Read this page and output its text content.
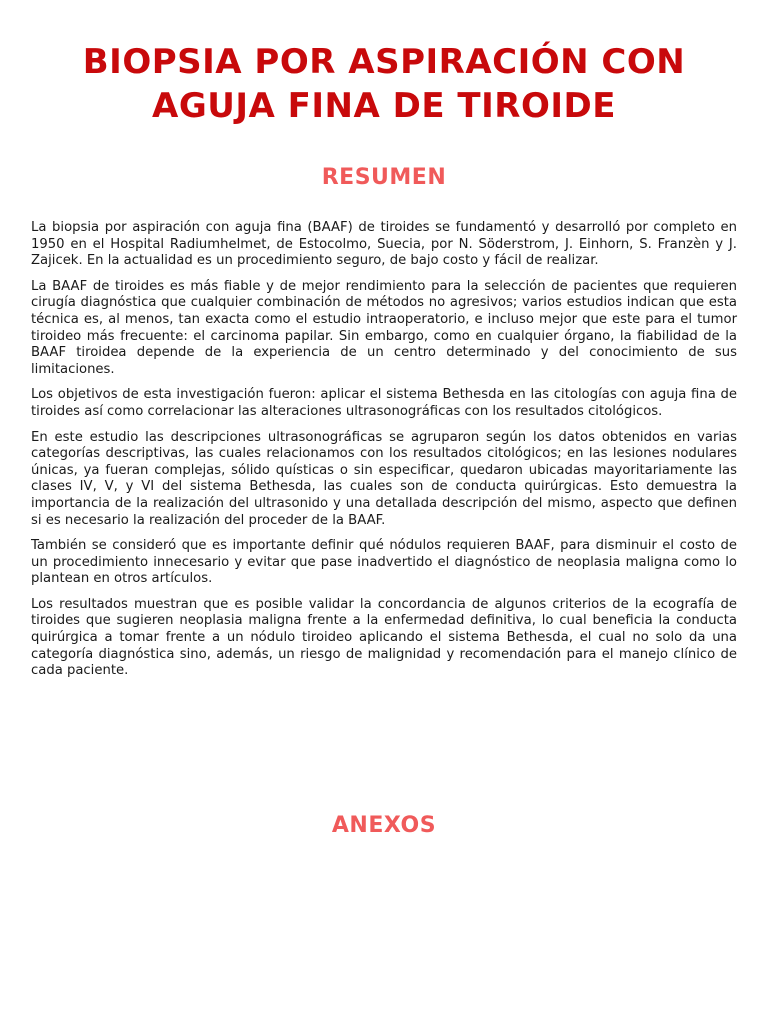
BIOPSIA POR ASPIRACIÓN CON
AGUJA FINA DE TIROIDE
RESUMEN

La biopsia por aspiración con aguja fina (BAAF) de tiroides se fundamentó y desarrolló por completo en 1950 en el Hospital Radiumhelmet, de Estocolmo, Suecia, por N. Söderstrom, J. Einhorn, S. Franzèn y J. Zajicek. En la actualidad es un procedimiento seguro, de bajo costo y fácil de realizar.

La BAAF de tiroides es más fiable y de mejor rendimiento para la selección de pacientes que requieren cirugía diagnóstica que cualquier combinación de métodos no agresivos; varios estudios indican que esta técnica es, al menos, tan exacta como el estudio intraoperatorio, e incluso mejor que este para el tumor tiroideo más frecuente: el carcinoma papilar. Sin embargo, como en cualquier órgano, la fiabilidad de la BAAF tiroidea depende de la experiencia de un centro determinado y del conocimiento de sus limitaciones.

Los objetivos de esta investigación fueron: aplicar el sistema Bethesda en las citologías con aguja fina de tiroides así como correlacionar las alteraciones ultrasonográficas con los resultados citológicos.

En este estudio las descripciones ultrasonográficas se agruparon según los datos obtenidos en varias categorías descriptivas, las cuales relacionamos con los resultados citológicos; en las lesiones nodulares únicas, ya fueran complejas, sólido quísticas o sin especificar, quedaron ubicadas mayoritariamente las clases IV, V, y VI del sistema Bethesda, las cuales son de conducta quirúrgicas. Esto demuestra la importancia de la realización del ultrasonido y una detallada descripción del mismo, aspecto que definen si es necesario la realización del proceder de la BAAF.

También se consideró que es importante definir qué nódulos requieren BAAF, para disminuir el costo de un procedimiento innecesario y evitar que pase inadvertido el diagnóstico de neoplasia maligna como lo plantean en otros artículos.

Los resultados muestran que es posible validar la concordancia de algunos criterios de la ecografía de tiroides que sugieren neoplasia maligna frente a la enfermedad definitiva, lo cual beneficia la conducta quirúrgica a tomar frente a un nódulo tiroideo aplicando el sistema Bethesda, el cual no solo da una categoría diagnóstica sino, además, un riesgo de malignidad y recomendación para el manejo clínico de cada paciente.

ANEXOS
